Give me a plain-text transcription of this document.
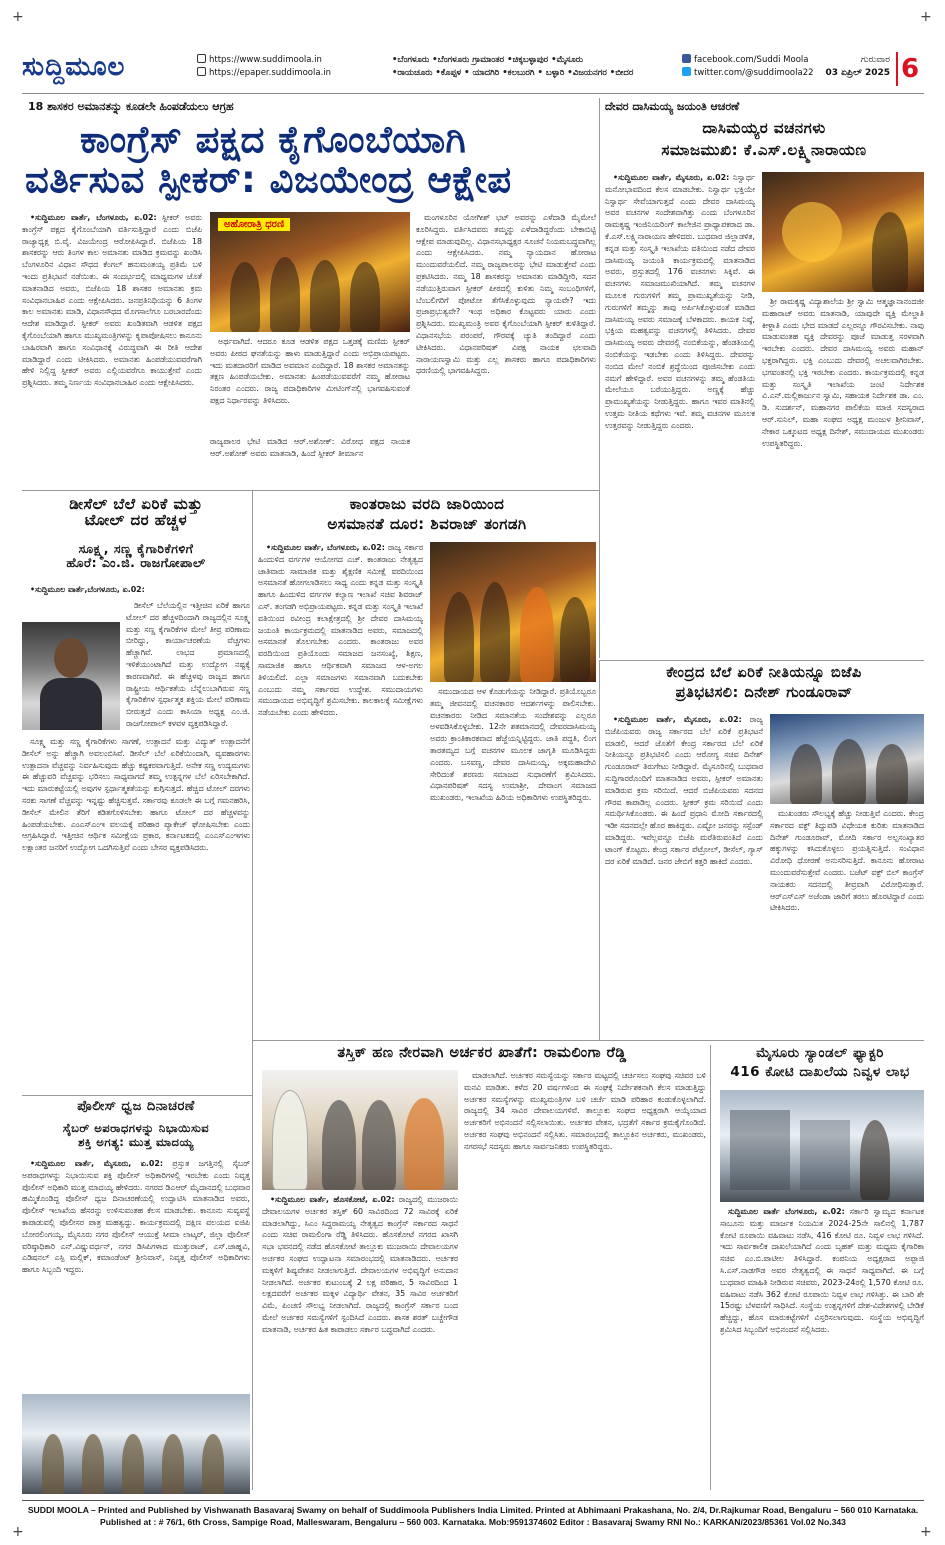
+	+
+	+
ಸುದ್ದಿಮೂಲ	https://www.suddimoola.in
https://epaper.suddimoola.in
•ಬೆಂಗಳೂರು •ಬೆಂಗಳೂರು ಗ್ರಾಮಾಂತರ •ಚಿಕ್ಕಬಳ್ಳಾಪುರ •ಮೈಸೂರು
•ರಾಯಚೂರು •ಕೊಪ್ಪಳ • ಯಾದಗಿರಿ •ಕಲಬುರಗಿ • ಬಳ್ಳಾರಿ •ವಿಜಯನಗರ •ಬೀದರ
facebook.com/Suddi Moola
twitter.com/@suddimoola22
ಗುರುವಾರ
03 ಏಪ್ರಿಲ್ 2025 6
18 ಶಾಸಕರ ಅಮಾನತನ್ನು ಕೂಡಲೇ ಹಿಂಪಡೆಯಲು ಆಗ್ರಹ
ಕಾಂಗ್ರೆಸ್ ಪಕ್ಷದ ಕೈಗೊಂಬೆಯಾಗಿ
ವರ್ತಿಸುವ ಸ್ಪೀಕರ್: ವಿಜಯೇಂದ್ರ ಆಕ್ಷೇಪ

•ಸುದ್ದಿಮೂಲ ವಾರ್ತೆ, ಬೆಂಗಳೂರು, ಏ.02: ಸ್ಪೀಕರ್ ಅವರು ಕಾಂಗ್ರೆಸ್ ಪಕ್ಷದ ಕೈಗೊಂಬೆಯಾಗಿ ವರ್ತಿಸುತ್ತಿದ್ದಾರೆ ಎಂದು ಬಿಜೆಪಿ ರಾಜ್ಯಾಧ್ಯಕ್ಷ ಬಿ.ವೈ. ವಿಜಯೇಂದ್ರ ಆರೋಪಿಸಿದ್ದಾರೆ. ಬಿಜೆಪಿಯ 18 ಶಾಸಕರನ್ನು ಆರು ತಿಂಗಳ ಕಾಲ ಅಮಾನತು ಮಾಡಿದ ಕ್ರಮವನ್ನು ಖಂಡಿಸಿ ಬೆಂಗಳೂರಿನ ವಿಧಾನ ಸೌಧದ ಕೆಂಗಲ್ ಹನುಮಂತಯ್ಯ ಪ್ರತಿಮೆ ಬಳಿ ಇಂದು ಪ್ರತಿಭಟನೆ ನಡೆಯಿತು. ಈ ಸಂದರ್ಭದಲ್ಲಿ ಮಾಧ್ಯಮಗಳ ಜೊತೆ ಮಾತನಾಡಿದ ಅವರು, ಬಿಜೆಪಿಯ 18 ಶಾಸಕರ ಅಮಾನತು ಕ್ರಮ ಸಂವಿಧಾನಬಾಹಿರ ಎಂದು ಆಕ್ಷೇಪಿಸಿದರು. ಜನಪ್ರತಿನಿಧಿಯನ್ನು 6 ತಿಂಗಳ ಕಾಲ ಅಮಾನತು ಮಾಡಿ, ವಿಧಾನಸೌಧದ ಮೊಗಸಾಲೆಗೂ ಬರಬಾರದೆಂದು ಆದೇಶ ಮಾಡಿದ್ದಾರೆ. ಸ್ಪೀಕರ್ ಅವರು ಖಂಡಿತವಾಗಿ ಆಡಳಿತ ಪಕ್ಷದ ಕೈಗೊಂಬೆಯಾಗಿ ಹಾಗೂ ಮುಖ್ಯಮಂತ್ರಿಗಳನ್ನು ಕೃಪಾಪೋಷಿಸಲು ಕಾನೂನು ಬಾಹಿರವಾಗಿ ಹಾಗೂ ಸಂವಿಧಾನಕ್ಕೆ ವಿರುದ್ಧವಾಗಿ ಈ ರೀತಿ ಆದೇಶ ಮಾಡಿದ್ದಾರೆ ಎಂದು ಟೀಕಿಸಿದರು. ಅಮಾನತು ಹಿಂಪಡೆಯುವವರೆಗಾಗಿ ಹೇಳಿ ನಿಲ್ಲಿದ್ದ ಸ್ಪೀಕರ್ ಅವರು ಎಲ್ಲಿಯವರೆಗೂ ಕಾಯುತ್ತೇವೆ ಎಂದು ಪ್ರಶ್ನಿಸಿದರು. ತಮ್ಮ ನಿರ್ಣಯ ಸಂವಿಧಾನಬಾಹಿರ ಎಂದು ಆಕ್ಷೇಪಿಸಿದರು.

ಅಹೋರಾತ್ರಿ ಧರಣಿ

ಅರ್ಥವಾಗಿದೆ. ಆದರೂ ಕೂಡ ಆಡಳಿತ ಪಕ್ಷದ ಒತ್ತಡಕ್ಕೆ ಮಣಿದು ಸ್ಪೀಕರ್ ಅವರು ಪೀಠದ ಘನತೆಯನ್ನು ಹಾಳು ಮಾಡುತ್ತಿದ್ದಾರೆ ಎಂದು ಅಭಿಪ್ರಾಯಪಟ್ಟರು. ಇದು ಮತದಾರರಿಗೆ ಮಾಡಿದ ಅವಮಾನ ಎಂದಿದ್ದಾರೆ. 18 ಶಾಸಕರ ಅಮಾನತನ್ನು ತಕ್ಷಣ ಹಿಂಪಡೆಯಬೇಕು. ಅಮಾನತು ಹಿಂಪಡೆಯುವವರೆಗೆ ನಮ್ಮ ಹೋರಾಟ ನಿರಂತರ ಎಂದರು. ರಾಜ್ಯ ಪದಾಧಿಕಾರಿಗಳ ಮೀಟಿಂಗ್‌ನಲ್ಲಿ ಭಾಗವಹಿಸುವಂತೆ ಪಕ್ಷದ ನಿರ್ಧಾರವನ್ನು ತಿಳಿಸಿದರು.

ರಾಜ್ಯಪಾಲರ ಭೇಟಿ ಮಾಡಿದ ಆರ್.ಅಶೋಕ್: ವಿರೋಧ ಪಕ್ಷದ ನಾಯಕ ಆರ್.ಅಶೋಕ್ ಅವರು ಮಾತನಾಡಿ, ಹಿಂದೆ ಸ್ಪೀಕರ್ ತೀರ್ಮಾನ

ಮಂಗಳೂರಿನ ಯೋಗೀಶ್ ಭಟ್ ಅವರನ್ನು ಎಳೆದಾಡಿ ಮೈಮೇಲೆ ಕೂರಿಸಿದ್ದರು. ವರ್ತಿಸಿದವರು ತಮ್ಮನ್ನು ಎಳೆದಾಡಿದ್ದರೆಂದು ಬೇಕಾಬಿಟ್ಟಿ ಆಕ್ಷೇಪ ಮಾಡುವುದಿಲ್ಲ. ವಿಧಾನಸಭಾಧ್ಯಕ್ಷರ ಸೂಚನೆ ನಿಯಮಬದ್ಧವಾಗಿಲ್ಲ ಎಂದು ಆಕ್ಷೇಪಿಸಿದರು. ನಮ್ಮ ನ್ಯಾಯದಾನ ಹೋರಾಟ ಮುಂದುವರೆಯಲಿದೆ. ನಮ್ಮ ರಾಜ್ಯಪಾಲರನ್ನು ಭೇಟಿ ಮಾಡುತ್ತೇವೆ ಎಂದು ಪ್ರಕಟಿಸಿದರು. ನಮ್ಮ 18 ಶಾಸಕರನ್ನು ಅಮಾನತು ಮಾಡಿದ್ದೀರಿ, ಸದನ ನಡೆಯುತ್ತಿರುವಾಗ ಸ್ಪೀಕರ್ ಪೀಠದಲ್ಲಿ ಕುಳಿತು ನಿಮ್ಮ ಸಂಬಂಧಿಗಳಿಗೆ, ಬೆಂಬಲಿಗರಿಗೆ ಪೋಟೋ ತೆಗೆಸಿಕೊಳ್ಳುವುದು ನ್ಯಾಯವೇ? ಇದು ಪ್ರಜಾಪ್ರಭುತ್ವವೇ? ಇಂಥ ಅಧಿಕಾರ ಕೊಟ್ಟವರು ಯಾರು ಎಂದು ಪ್ರಶ್ನಿಸಿದರು. ಮುಖ್ಯಮಂತ್ರಿ ಅವರ ಕೈಗೊಂಬೆಯಾಗಿ ಸ್ಪೀಕರ್ ಕುಳಿತಿದ್ದಾರೆ. ವಿಧಾನಸಭೆಯ ಪರಂಪರೆ, ಗೌರವಕ್ಕೆ ಚ್ಯುತಿ ತಂದಿದ್ದಾರೆ ಎಂದು ಟೀಕಿಸಿದರು. ವಿಧಾನಪರಿಷತ್ ವಿಪಕ್ಷ ನಾಯಕ ಛಲವಾದಿ ನಾರಾಯಣಸ್ವಾಮಿ ಮತ್ತು ಎಲ್ಲ ಶಾಸಕರು ಹಾಗೂ ಪದಾಧಿಕಾರಿಗಳು ಧರಣಿಯಲ್ಲಿ ಭಾಗವಹಿಸಿದ್ದರು.

ದೇವರ ದಾಸಿಮಯ್ಯ ಜಯಂತಿ ಆಚರಣೆ
ದಾಸಿಮಯ್ಯರ ವಚನಗಳು
ಸಮಾಜಮುಖಿ: ಕೆ.ಎಸ್.ಲಕ್ಷ್ಮಿನಾರಾಯಣ

•ಸುದ್ದಿಮೂಲ ವಾರ್ತೆ, ಮೈಸೂರು, ಏ.02: ನಿಸ್ವಾರ್ಥ ಮನೋಭಾವದಿಂದ ಕೆಲಸ ಮಾಡಬೇಕು. ನಿಸ್ವಾರ್ಥ ಭಕ್ತಿಯೇ ನಿಸ್ವಾರ್ಥ ಸೇವೆಯಾಗುತ್ತದೆ ಎಂದು ದೇವರ ದಾಸಿಮಯ್ಯ ಅವರ ವಚನಗಳ ಸಂದೇಶವಾಗಿತ್ತು ಎಂದು ಬೆಂಗಳೂರಿನ ರಾಮಕೃಷ್ಣ ಇಂಜಿನಿಯರಿಂಗ್ ಕಾಲೇಜಿನ ಪ್ರಾಧ್ಯಾಪಕರಾದ ಡಾ. ಕೆ.ಎಸ್.ಲಕ್ಷ್ಮಿನಾರಾಯಣ ಹೇಳಿದರು. ಬುಧವಾರ ಜಿಲ್ಲಾಡಳಿತ, ಕನ್ನಡ ಮತ್ತು ಸಂಸ್ಕೃತಿ ಇಲಾಖೆಯ ವತಿಯಿಂದ ನಡೆದ ದೇವರ ದಾಸಿಮಯ್ಯ ಜಯಂತಿ ಕಾರ್ಯಕ್ರಮದಲ್ಲಿ ಮಾತನಾಡಿದ ಅವರು, ಪ್ರಸ್ತುತದಲ್ಲಿ 176 ವಚನಗಳು ಸಿಕ್ಕಿವೆ. ಈ ವಚನಗಳು ಸಮಾಜಮುಖಿಯಾಗಿದೆ. ತಮ್ಮ ವಚನಗಳ ಮೂಲಕ ಗುರುಗಳಿಗೆ ತಮ್ಮ ಪ್ರಾಮುಖ್ಯತೆಯನ್ನು ನೀಡಿ, ಗುರುಗಳಿಗೆ ತಮ್ಮನ್ನು ತಾವು ಅರ್ಪಿಸಿಕೊಳ್ಳುವಂತೆ ಮಾಡಿದ ದಾಸಿಮಯ್ಯ ಅವರು ಸಮಾಜಕ್ಕೆ ಬೆಳಕಾದರು. ಕಾಯಕ ನಿಷ್ಠೆ, ಭಕ್ತಿಯ ಮಹತ್ವವನ್ನು ವಚನಗಳಲ್ಲಿ ತಿಳಿಸಿದರು. ದೇವರ ದಾಸಿಮಯ್ಯ ಅವರು ದೇವರಲ್ಲಿ ನಂಬಿಕೆಯನ್ನು, ಹೆಂಡತಿಯಲ್ಲಿ ನಂಬಿಕೆಯನ್ನು ಇಡಬೇಕು ಎಂದು ತಿಳಿಸಿದ್ದರು. ದೇವರನ್ನು ನಂಬಿದ ಮೇಲೆ ನಂಬಿಕೆ ಶ್ರದ್ಧೆಯಿಂದ ಪೂಜಿಸಬೇಕು ಎಂದು ನಮಗೆ ಹೇಳಿದ್ದಾರೆ. ಅವರ ವಚನಗಳನ್ನು ತಮ್ಮ ಹೆಂಡತಿಯ ಮೇಲೆಯೂ ಬರೆಯುತ್ತಿದ್ದರು. ಅಣ್ಣಕ್ಕೆ ಹೆಚ್ಚು ಪ್ರಾಮುಖ್ಯತೆಯನ್ನು ನೀಡುತ್ತಿದ್ದರು. ಹಾಗೂ ಇವರ ಮಾತಿನಲ್ಲಿ ಉತ್ತಮ ನೀತಿಯ ಕಥೆಗಳು ಇವೆ. ತಮ್ಮ ವಚನಗಳ ಮೂಲಕ ಉತ್ತರವನ್ನು ನೀಡುತ್ತಿದ್ದರು ಎಂದರು.

ಶ್ರೀ ರಾಮಕೃಷ್ಣ ವಿದ್ಯಾಶಾಲೆಯ ಶ್ರೀ ಸ್ವಾಮಿ ಆತ್ಮಜ್ಞಾನಾನಂದಜೀ ಮಹಾರಾಜ್ ಅವರು ಮಾತನಾಡಿ, ಯಾವುದೇ ವ್ಯಕ್ತಿ ಮೇಲ್ಜಾತಿ ಕೀಳ್ಜಾತಿ ಎಂದು ಭೇದ ಮಾಡದೆ ಎಲ್ಲರನ್ನೂ ಗೌರವಿಸಬೇಕು. ನಾವು ಮಾಡುವಂತಹ ವ್ಯಕ್ತಿ ದೇವರನ್ನು ಪೂಜೆ ಮಾಡುತ್ತ ಸರಳವಾಗಿ ಇರಬೇಕು ಎಂದರು. ದೇವರ ದಾಸಿಮಯ್ಯ ಅವರು ಮಹಾನ್ ಭಕ್ತರಾಗಿದ್ದರು. ಭಕ್ತಿ ಎಂಬುದು ದೇವರಲ್ಲಿ ಅಚಲವಾಗಿರಬೇಕು. ಭಗವಂತನಲ್ಲಿ ಭಕ್ತಿ ಇರಬೇಕು ಎಂದರು. ಕಾರ್ಯಕ್ರಮದಲ್ಲಿ ಕನ್ನಡ ಮತ್ತು ಸಂಸ್ಕೃತಿ ಇಲಾಖೆಯ ಜಂಟಿ ನಿರ್ದೇಶಕ ವಿ.ಎನ್.ಮಲ್ಲಿಕಾರ್ಜುನ ಸ್ವಾಮಿ, ಸಹಾಯಕ ನಿರ್ದೇಶಕ ಡಾ. ಎಂ. ಡಿ. ಸುದರ್ಶನ್, ಮಹಾನಗರ ಪಾಲಿಕೆಯ ಮಾಜಿ ಸದಸ್ಯರಾದ ಆರ್.ಸುನಿಲ್, ಮಹಾ ಸಂಘದ ಅಧ್ಯಕ್ಷ ಮಂಜುಳ ಶ್ರೀನಿವಾಸ್, ನೇಕಾರ ಒಕ್ಕೂಟದ ಅಧ್ಯಕ್ಷ ದಿನೇಶ್, ಸಮುದಾಯದ ಮುಖಂಡರು ಉಪಸ್ಥಿತರಿದ್ದರು.

ಡೀಸೆಲ್ ಬೆಲೆ ಏರಿಕೆ ಮತ್ತು
ಟೋಲ್ ದರ ಹೆಚ್ಚಳ
ಸೂಕ್ಷ್ಮ, ಸಣ್ಣ ಕೈಗಾರಿಕೆಗಳಿಗೆ
ಹೊರೆ: ಎಂ.ಜಿ. ರಾಜಗೋಪಾಲ್

•ಸುದ್ದಿಮೂಲ ವಾರ್ತೆ,ಬೆಂಗಳೂರು, ಏ.02:

ಡೀಸೆಲ್ ಬೆಲೆಯಲ್ಲಿನ ಇತ್ತೀಚಿನ ಏರಿಕೆ ಹಾಗೂ ಟೋಲ್ ದರ ಹೆಚ್ಚಳದಿಂದಾಗಿ ರಾಜ್ಯದಲ್ಲಿನ ಸೂಕ್ಷ್ಮ ಮತ್ತು ಸಣ್ಣ ಕೈಗಾರಿಕೆಗಳ ಮೇಲೆ ತೀವ್ರ ಪರಿಣಾಮ ಬೀರಿದ್ದು, ಕಾರ್ಯಾಚರಣೆಯ ವೆಚ್ಚಗಳು ಹೆಚ್ಚಾಗಿವೆ. ಲಾಭದ ಪ್ರಮಾಣದಲ್ಲಿ ಇಳಿಕೆಯುಂಟಾಗಿದೆ ಮತ್ತು ಉದ್ಯೋಗ ನಷ್ಟಕ್ಕೆ ಕಾರಣವಾಗಿವೆ. ಈ ಹೆಚ್ಚಳವು ರಾಜ್ಯದ ಹಾಗೂ ರಾಷ್ಟ್ರೀಯ ಆರ್ಥಿಕತೆಯ ಬೆನ್ನೆಲುಬಾಗಿರುವ ಸಣ್ಣ ಕೈಗಾರಿಕೆಗಳ ಸ್ಪರ್ಧಾತ್ಮಕ ಶಕ್ತಿಯ ಮೇಲೆ ಪರಿಣಾಮ ಬೀರುತ್ತದೆ ಎಂದು ಕಾಸಿಯಾ ಅಧ್ಯಕ್ಷ ಎಂ.ಜಿ. ರಾಜಗೋಪಾಲ್ ಕಳವಳ ವ್ಯಕ್ತಪಡಿಸಿದ್ದಾರೆ.

ಸೂಕ್ಷ್ಮ ಮತ್ತು ಸಣ್ಣ ಕೈಗಾರಿಕೆಗಳು ಸಾಗಣೆ, ಉತ್ಪಾದನೆ ಮತ್ತು ವಿದ್ಯುತ್ ಉತ್ಪಾದನೆಗೆ ಡೀಸೆಲ್ ಅನ್ನು ಹೆಚ್ಚಾಗಿ ಅವಲಂಬಿಸಿವೆ. ಡೀಸೆಲ್ ಬೆಲೆ ಏರಿಕೆಯಿಂದಾಗಿ, ವ್ಯವಹಾರಗಳು ಉತ್ಪಾದನಾ ವೆಚ್ಚವನ್ನು ನಿರ್ವಹಿಸುವುದು ಹೆಚ್ಚು ಕಷ್ಟಕರವಾಗುತ್ತಿದೆ. ಅನೇಕ ಸಣ್ಣ ಉದ್ಯಮಗಳು ಈ ಹೆಚ್ಚುವರಿ ವೆಚ್ಚವನ್ನು ಭರಿಸಲು ಸಾಧ್ಯವಾಗದೆ ತಮ್ಮ ಉತ್ಪನ್ನಗಳ ಬೆಲೆ ಏರಿಸಬೇಕಾಗಿದೆ. ಇದು ಮಾರುಕಟ್ಟೆಯಲ್ಲಿ ಅವುಗಳ ಸ್ಪರ್ಧಾತ್ಮಕತೆಯನ್ನು ಕುಗ್ಗಿಸುತ್ತದೆ. ಹೆಚ್ಚಿದ ಟೋಲ್ ದರಗಳು ಸರಕು ಸಾಗಣೆ ವೆಚ್ಚವನ್ನು ಇನ್ನಷ್ಟು ಹೆಚ್ಚಿಸುತ್ತವೆ. ಸರ್ಕಾರವು ಕೂಡಲೇ ಈ ಬಗ್ಗೆ ಗಮನಹರಿಸಿ, ಡೀಸೆಲ್ ಮೇಲಿನ ತೆರಿಗೆ ಕಡಿತಗೊಳಿಸಬೇಕು ಹಾಗೂ ಟೋಲ್ ದರ ಹೆಚ್ಚಳವನ್ನು ಹಿಂಪಡೆಯಬೇಕು. ಎಂಎಸ್‌ಎಂಇ ವಲಯಕ್ಕೆ ಪರಿಹಾರ ಪ್ಯಾಕೇಜ್ ಘೋಷಿಸಬೇಕು ಎಂದು ಆಗ್ರಹಿಸಿದ್ದಾರೆ. ಇತ್ತೀಚಿನ ಆರ್ಥಿಕ ಸಮೀಕ್ಷೆಯ ಪ್ರಕಾರ, ಕರ್ನಾಟಕದಲ್ಲಿ ಎಂಎಸ್‌ಎಂಇಗಳು ಲಕ್ಷಾಂತರ ಜನರಿಗೆ ಉದ್ಯೋಗ ಒದಗಿಸುತ್ತಿವೆ ಎಂದು ಬೇಸರ ವ್ಯಕ್ತಪಡಿಸಿದರು.

ಕಾಂತರಾಜು ವರದಿ ಜಾರಿಯಿಂದ
ಅಸಮಾನತೆ ದೂರ: ಶಿವರಾಜ್ ತಂಗಡಗಿ

•ಸುದ್ದಿಮೂಲ ವಾರ್ತೆ, ಬೆಂಗಳೂರು, ಏ.02: ರಾಜ್ಯ ಸರ್ಕಾರ ಹಿಂದುಳಿದ ವರ್ಗಗಳ ಆಯೋಗದ ಎಚ್. ಕಾಂತರಾಜು ನೇತೃತ್ವದ ಜಾತಿವಾರು ಸಾಮಾಜಿಕ ಮತ್ತು ಶೈಕ್ಷಣಿಕ ಸಮೀಕ್ಷೆ ವರದಿಯಿಂದ ಅಸಮಾನತೆ ಹೋಗಲಾಡಿಸಲು ಸಾಧ್ಯ ಎಂದು ಕನ್ನಡ ಮತ್ತು ಸಂಸ್ಕೃತಿ ಹಾಗೂ ಹಿಂದುಳಿದ ವರ್ಗಗಳ ಕಲ್ಯಾಣ ಇಲಾಖೆ ಸಚಿವ ಶಿವರಾಜ್ ಎಸ್. ತಂಗಡಗಿ ಅಭಿಪ್ರಾಯಪಟ್ಟರು. ಕನ್ನಡ ಮತ್ತು ಸಂಸ್ಕೃತಿ ಇಲಾಖೆ ವತಿಯಿಂದ ರವೀಂದ್ರ ಕಲಾಕ್ಷೇತ್ರದಲ್ಲಿ ಶ್ರೀ ದೇವರ ದಾಸಿಮಯ್ಯ ಜಯಂತಿ ಕಾರ್ಯಕ್ರಮದಲ್ಲಿ ಮಾತನಾಡಿದ ಅವರು, ಸಮಾಜದಲ್ಲಿ ಅಸಮಾನತೆ ತೊಲಗಬೇಕು ಎಂದರು. ಕಾಂತರಾಜು ಅವರ ವರದಿಯಿಂದ ಪ್ರತಿಯೊಂದು ಸಮಾಜದ ಜನಸಂಖ್ಯೆ, ಶಿಕ್ಷಣ, ಸಾಮಾಜಿಕ ಹಾಗೂ ಆರ್ಥಿಕವಾಗಿ ಸಮಾಜದ ಆಳ-ಅಗಲ ತಿಳಿಯಲಿದೆ. ಎಲ್ಲಾ ಸಮಾಜಗಳು ಸಮಾನವಾಗಿ ಬದುಕಬೇಕು ಎಂಬುದು ನಮ್ಮ ಸರ್ಕಾರದ ಉದ್ದೇಶ. ಸಮುದಾಯಗಳು ಸಮುದಾಯದ ಅಭಿವೃದ್ಧಿಗೆ ಶ್ರಮಿಸಬೇಕು. ಕಾಲಕಾಲಕ್ಕೆ ಸಮೀಕ್ಷೆಗಳು ನಡೆಯಬೇಕು ಎಂದು ಹೇಳಿದರು.

ಸಮುದಾಯದ ಆಳ ಕೊಡುಗೆಯನ್ನು ನೀಡಿದ್ದಾರೆ. ಪ್ರತಿಯೊಬ್ಬರೂ ತಮ್ಮ ಜೀವನದಲ್ಲಿ ವಚನಕಾರರ ಆದರ್ಶಗಳನ್ನು ಪಾಲಿಸಬೇಕು. ವಚನಕಾರರು ನೀಡಿದ ಸಮಾನತೆಯ ಸಂದೇಶವನ್ನು ಎಲ್ಲರೂ ಅಳವಡಿಸಿಕೊಳ್ಳಬೇಕು. 12ನೇ ಶತಮಾನದಲ್ಲಿ ದೇವರದಾಸಿಮಯ್ಯ ಅವರು ಕ್ರಾಂತಿಕಾರಕವಾದ ಹೆಜ್ಜೆಯನ್ನಿಟ್ಟಿದ್ದರು. ಜಾತಿ ಪದ್ಧತಿ, ಲಿಂಗ ತಾರತಮ್ಯದ ಬಗ್ಗೆ ವಚನಗಳ ಮೂಲಕ ಜಾಗೃತಿ ಮೂಡಿಸಿದ್ದರು ಎಂದರು. ಬಸವಣ್ಣ, ದೇವರ ದಾಸಿಮಯ್ಯ, ಅಕ್ಕಮಹಾದೇವಿ ಸೇರಿದಂತೆ ಶರಣರು ಸಮಾಜದ ಸುಧಾರಣೆಗೆ ಶ್ರಮಿಸಿದರು. ವಿಧಾನಪರಿಷತ್ ಸದಸ್ಯ ಉಮಾಶ್ರೀ, ದೇವಾಂಗ ಸಮಾಜದ ಮುಖಂಡರು, ಇಲಾಖೆಯ ಹಿರಿಯ ಅಧಿಕಾರಿಗಳು ಉಪಸ್ಥಿತರಿದ್ದರು.

ಕೇಂದ್ರದ ಬೆಲೆ ಏರಿಕೆ ನೀತಿಯನ್ನೂ ಬಿಜೆಪಿ
ಪ್ರತಿಭಟಿಸಲಿ: ದಿನೇಶ್ ಗುಂಡೂರಾವ್

•ಸುದ್ದಿಮೂಲ ವಾರ್ತೆ, ಮೈಸೂರು, ಏ.02: ರಾಜ್ಯ ಬಿಜೆಪಿಯವರು ರಾಜ್ಯ ಸರ್ಕಾರದ ಬೆಲೆ ಏರಿಕೆ ಪ್ರತಿಭಟನೆ ಮಾಡಲಿ, ಆದರೆ ಜೊತೆಗೆ ಕೇಂದ್ರ ಸರ್ಕಾರದ ಬೆಲೆ ಏರಿಕೆ ನೀತಿಯನ್ನೂ ಪ್ರತಿಭಟಿಸಲಿ ಎಂದು ಆರೋಗ್ಯ ಸಚಿವ ದಿನೇಶ್ ಗುಂಡೂರಾವ್ ತಿರುಗೇಟು ನೀಡಿದ್ದಾರೆ. ಮೈಸೂರಿನಲ್ಲಿ ಬುಧವಾರ ಸುದ್ದಿಗಾರರೊಂದಿಗೆ ಮಾತನಾಡಿದ ಅವರು, ಸ್ಪೀಕರ್ ಅಮಾನತು ಮಾಡಿರುವ ಕ್ರಮ ಸರಿಯಿದೆ. ಆದರೆ ಬಿಜೆಪಿಯವರು ಸದನದ ಗೌರವ ಕಾಪಾಡಿಲ್ಲ ಎಂದರು. ಸ್ಪೀಕರ್ ಕ್ರಮ ಸರಿಯಿದೆ ಎಂದು ಸಮರ್ಥಿಸಿಕೊಂಡರು. ಈ ಹಿಂದೆ ಪ್ರಧಾನಿ ಮೋದಿ ಸರ್ಕಾರದಲ್ಲಿ ಇಡೀ ಸದನದಲ್ಲೇ ಹೊರ ಹಾಕಿದ್ದರು. ಎಷ್ಟೋ ಜನರನ್ನು ಸಸ್ಪೆಂಡ್ ಮಾಡಿದ್ದರು. ಇವೆಲ್ಲವನ್ನೂ ಬಿಜೆಪಿ ಮರೆತಿರುವಂತಿದೆ ಎಂದು ಟಾಂಗ್ ಕೊಟ್ಟರು. ಕೇಂದ್ರ ಸರ್ಕಾರ ಪೆಟ್ರೋಲ್, ಡೀಸೆಲ್, ಗ್ಯಾಸ್ ದರ ಏರಿಕೆ ಮಾಡಿದೆ. ಜನರ ಜೇಬಿಗೆ ಕತ್ತರಿ ಹಾಕಿದೆ ಎಂದರು.

ಮುಖಂಡರು ಸೌಲಭ್ಯಕ್ಕೆ ಹೆಚ್ಚು ನೀಡುತ್ತಿವೆ ಎಂದರು. ಕೇಂದ್ರ ಸರ್ಕಾರದ ವಕ್ಫ್ ತಿದ್ದುಪಡಿ ವಿಧೇಯಕ ಕುರಿತು ಮಾತನಾಡಿದ ದಿನೇಶ್ ಗುಂಡೂರಾವ್, ಮೋದಿ ಸರ್ಕಾರ ಅಲ್ಪಸಂಖ್ಯಾತರ ಹಕ್ಕುಗಳನ್ನು ಕಸಿದುಕೊಳ್ಳಲು ಪ್ರಯತ್ನಿಸುತ್ತಿದೆ. ಸಂವಿಧಾನ ವಿರೋಧಿ ಧೋರಣೆ ಅನುಸರಿಸುತ್ತಿದೆ. ಕಾನೂನು ಹೋರಾಟ ಮುಂದುವರೆಸುತ್ತೇವೆ ಎಂದರು. ಬಜೆಟ್ ವಕ್ಫ್ ಬಿಲ್ ಕಾಂಗ್ರೆಸ್ ನಾಯಕರು ಸದನದಲ್ಲಿ ತೀವ್ರವಾಗಿ ವಿರೋಧಿಸುತ್ತಾರೆ. ಆರ್‌ಎಸ್‌ಎಸ್ ಅಜೆಂಡಾ ಜಾರಿಗೆ ತರಲು ಹೊರಟಿದ್ದಾರೆ ಎಂದು ಟೀಕಿಸಿದರು.

ಪೊಲೀಸ್ ಧ್ವಜ ದಿನಾಚರಣೆ
ಸೈಬರ್ ಅಪರಾಧಗಳನ್ನು ನಿಭಾಯಿಸುವ
ಶಕ್ತಿ ಅಗತ್ಯ: ಮುತ್ತ ಮಾದಯ್ಯ

•ಸುದ್ದಿಮೂಲ ವಾರ್ತೆ, ಮೈಸೂರು, ಏ.02: ಪ್ರಸ್ತುತ ಜಗತ್ತಿನಲ್ಲಿ ಸೈಬರ್ ಅಪರಾಧಗಳನ್ನು ನಿಭಾಯಿಸುವ ಶಕ್ತಿ ಪೊಲೀಸ್ ಅಧಿಕಾರಿಗಳಲ್ಲಿ ಇರಬೇಕು ಎಂದು ನಿವೃತ್ತ ಪೊಲೀಸ್ ಅಧಿಕಾರಿ ಮುತ್ತ ಮಾದಯ್ಯ ಹೇಳಿದರು. ನಗರದ ಡಿಎಆರ್ ಮೈದಾನದಲ್ಲಿ ಬುಧವಾರ ಹಮ್ಮಿಕೊಂಡಿದ್ದ ಪೊಲೀಸ್ ಧ್ವಜ ದಿನಾಚರಣೆಯಲ್ಲಿ ಉದ್ಘಾಟಿಸಿ ಮಾತನಾಡಿದ ಅವರು, ಪೊಲೀಸ್ ಇಲಾಖೆಯ ಹೆಸರನ್ನು ಉಳಿಸುವಂತಹ ಕೆಲಸ ಮಾಡಬೇಕು. ಕಾನೂನು ಸುವ್ಯವಸ್ಥೆ ಕಾಪಾಡುವಲ್ಲಿ ಪೊಲೀಸರ ಪಾತ್ರ ಮಹತ್ವದ್ದು. ಕಾರ್ಯಕ್ರಮದಲ್ಲಿ ದಕ್ಷಿಣ ವಲಯದ ಐಜಿಪಿ ಬೋರಲಿಂಗಯ್ಯ, ಮೈಸೂರು ನಗರ ಪೊಲೀಸ್ ಆಯುಕ್ತೆ ಸೀಮಾ ಲಾಟ್ಕರ್, ಜಿಲ್ಲಾ ಪೊಲೀಸ್ ವರಿಷ್ಠಾಧಿಕಾರಿ ಎನ್.ವಿಷ್ಣುವರ್ಧನ್, ನಗರ ಡಿಸಿಪಿಗಳಾದ ಮುತ್ತುರಾಜ್, ಎಸ್.ಜಾಹ್ನವಿ, ಎಡಿಷನಲ್ ಎಸ್ಪಿ ಮಲ್ಲಿಕ್, ಕಮಾಂಡೆಂಟ್ ಶ್ರೀನಿವಾಸ್, ನಿವೃತ್ತ ಪೊಲೀಸ್ ಅಧಿಕಾರಿಗಳು ಹಾಗೂ ಸಿಬ್ಬಂದಿ ಇದ್ದರು.

ತಸ್ತಿಕ್ ಹಣ ನೇರವಾಗಿ ಅರ್ಚಕರ ಖಾತೆಗೆ: ರಾಮಲಿಂಗಾ ರೆಡ್ಡಿ

•ಸುದ್ದಿಮೂಲ ವಾರ್ತೆ, ಹೊಸಕೋಟೆ, ಏ.02: ರಾಜ್ಯದಲ್ಲಿ ಮುಜರಾಯಿ ದೇವಾಲಯಗಳ ಅರ್ಚಕರ ತಸ್ತಿಕ್ 60 ಸಾವಿರದಿಂದ 72 ಸಾವಿರಕ್ಕೆ ಏರಿಕೆ ಮಾಡಲಾಗಿದ್ದು, ಸಿಎಂ ಸಿದ್ದರಾಮಯ್ಯ ನೇತೃತ್ವದ ಕಾಂಗ್ರೆಸ್ ಸರ್ಕಾರದ ಸಾಧನೆ ಎಂದು ಸಚಿವ ರಾಮಲಿಂಗಾ ರೆಡ್ಡಿ ತಿಳಿಸಿದರು. ಹೊಸಕೋಟೆ ನಗರದ ಖಾಸಗಿ ಸಭಾ ಭವನದಲ್ಲಿ ನಡೆದ ಹೊಸಕೋಟೆ ತಾಲ್ಲೂಕು ಮುಜರಾಯಿ ದೇವಾಲಯಗಳ ಅರ್ಚಕರ ಸಂಘದ ಉದ್ಘಾಟನಾ ಸಮಾರಂಭದಲ್ಲಿ ಮಾತನಾಡಿದರು. ಅರ್ಚಕರ ಮಕ್ಕಳಿಗೆ ಶಿಷ್ಯವೇತನ ನೀಡಲಾಗುತ್ತಿದೆ. ದೇವಾಲಯಗಳ ಅಭಿವೃದ್ಧಿಗೆ ಅನುದಾನ ನೀಡಲಾಗಿದೆ. ಅರ್ಚಕರ ಕುಟುಂಬಕ್ಕೆ 2 ಲಕ್ಷ ಪರಿಹಾರ, 5 ಸಾವಿರದಿಂದ 1 ಲಕ್ಷದವರೆಗೆ ಅರ್ಚಕರ ಮಕ್ಕಳ ವಿದ್ಯಾರ್ಥಿ ವೇತನ, 35 ಸಾವಿರ ಅರ್ಚಕರಿಗೆ ವಿಮೆ, ಪಿಂಚಣಿ ಸೌಲಭ್ಯ ನೀಡಲಾಗಿದೆ. ರಾಜ್ಯದಲ್ಲಿ ಕಾಂಗ್ರೆಸ್ ಸರ್ಕಾರ ಬಂದ ಮೇಲೆ ಅರ್ಚಕರ ಸಮಸ್ಯೆಗಳಿಗೆ ಸ್ಪಂದಿಸಿದೆ ಎಂದರು. ಶಾಸಕ ಶರತ್ ಬಚ್ಚೇಗೌಡ ಮಾತನಾಡಿ, ಅರ್ಚಕರ ಹಿತ ಕಾಪಾಡಲು ಸರ್ಕಾರ ಬದ್ಧವಾಗಿದೆ ಎಂದರು.

ಮಾಡಲಾಗಿದೆ. ಅರ್ಚಕರ ಸಮಸ್ಯೆಯನ್ನು ಸರ್ಕಾರ ಮಟ್ಟದಲ್ಲಿ ಚರ್ಚಿಸಲು ಸಂಘವು ಸಚಿವರ ಬಳಿ ಮನವಿ ಮಾಡಿತು. ಕಳೆದ 20 ವರ್ಷಗಳಿಂದ ಈ ಸಂಘಕ್ಕೆ ನಿರ್ದೇಶಕನಾಗಿ ಕೆಲಸ ಮಾಡುತ್ತಿದ್ದು ಅರ್ಚಕರ ಸಮಸ್ಯೆಗಳನ್ನು ಮುಖ್ಯಮಂತ್ರಿಗಳ ಬಳಿ ಚರ್ಚೆ ಮಾಡಿ ಪರಿಹಾರ ಕಂಡುಕೊಳ್ಳಲಾಗಿದೆ. ರಾಜ್ಯದಲ್ಲಿ 34 ಸಾವಿರ ದೇವಾಲಯಗಳಿವೆ. ತಾಲ್ಲೂಕು ಸಂಘದ ಅಧ್ಯಕ್ಷರಾಗಿ ಆಯ್ಕೆಯಾದ ಅರ್ಚಕರಿಗೆ ಅಭಿನಂದನೆ ಸಲ್ಲಿಸಲಾಯಿತು. ಅರ್ಚಕರ ವೇತನ, ಭದ್ರತೆಗೆ ಸರ್ಕಾರ ಕ್ರಮಕೈಗೊಂಡಿದೆ. ಅರ್ಚಕರ ಸಂಘವು ಅಭಿನಂದನೆ ಸಲ್ಲಿಸಿತು. ಸಮಾರಂಭದಲ್ಲಿ ತಾಲ್ಲೂಕಿನ ಅರ್ಚಕರು, ಮುಖಂಡರು, ನಗರಸಭೆ ಸದಸ್ಯರು ಹಾಗೂ ಸಾರ್ವಜನಿಕರು ಉಪಸ್ಥಿತರಿದ್ದರು.

ಮೈಸೂರು ಸ್ಯಾಂಡಲ್ ಫ್ಯಾಕ್ಟರಿ
416 ಕೋಟಿ ದಾಖಲೆಯ ನಿವ್ವಳ ಲಾಭ

ಸುದ್ದಿಮೂಲ ವಾರ್ತೆ ಬೆಂಗಳೂರು, ಏ.02: ಸರ್ಕಾರಿ ಸ್ವಾಮ್ಯದ ಕರ್ನಾಟಕ ಸಾಬೂನು ಮತ್ತು ಮಾರ್ಜಕ ನಿಯಮಿತ 2024-25ನೇ ಸಾಲಿನಲ್ಲಿ 1,787 ಕೋಟಿ ರೂಪಾಯಿ ವಹಿವಾಟು ನಡೆಸಿ, 416 ಕೋಟಿ ರೂ. ನಿವ್ವಳ ಲಾಭ ಗಳಿಸಿದೆ. ಇದು ಸಾರ್ವಕಾಲಿಕ ದಾಖಲೆಯಾಗಿದೆ ಎಂದು ಬೃಹತ್ ಮತ್ತು ಮಧ್ಯಮ ಕೈಗಾರಿಕಾ ಸಚಿವ ಎಂ.ಬಿ.ಪಾಟೀಲ ತಿಳಿಸಿದ್ದಾರೆ. ಕಂಪನಿಯ ಅಧ್ಯಕ್ಷರಾದ ಅಪ್ಪಾಜಿ ಸಿ.ಎಸ್.ನಾಡಗೌಡ ಅವರ ನೇತೃತ್ವದಲ್ಲಿ ಈ ಸಾಧನೆ ಸಾಧ್ಯವಾಗಿದೆ. ಈ ಬಗ್ಗೆ ಬುಧವಾರ ಮಾಹಿತಿ ನೀಡಿರುವ ಸಚಿವರು, 2023-24ರಲ್ಲಿ 1,570 ಕೋಟಿ ರೂ. ವಹಿವಾಟು ನಡೆಸಿ 362 ಕೋಟಿ ರೂಪಾಯಿ ನಿವ್ವಳ ಲಾಭ ಗಳಿಸಿತ್ತು. ಈ ಬಾರಿ ಶೇ 15ರಷ್ಟು ಬೆಳವಣಿಗೆ ಸಾಧಿಸಿದೆ. ಸಂಸ್ಥೆಯ ಉತ್ಪನ್ನಗಳಿಗೆ ದೇಶ-ವಿದೇಶಗಳಲ್ಲಿ ಬೇಡಿಕೆ ಹೆಚ್ಚಿದ್ದು, ಹೊಸ ಮಾರುಕಟ್ಟೆಗಳಿಗೆ ವಿಸ್ತರಿಸಲಾಗುವುದು. ಸಂಸ್ಥೆಯ ಅಭಿವೃದ್ಧಿಗೆ ಶ್ರಮಿಸಿದ ಸಿಬ್ಬಂದಿಗೆ ಅಭಿನಂದನೆ ಸಲ್ಲಿಸಿದರು.

SUDDI MOOLA – Printed and Published by Vishwanath Basavaraj Swamy on behalf of Suddimoola Publishers India Limited. Printed at Abhimaani Prakashana, No. 2/4, Dr.Rajkumar Road, Bengaluru – 560 010 Karnataka.
Published at : # 76/1, 6th Cross, Sampige Road, Malleswaram, Bengaluru – 560 003. Karnataka. Mob:9591374602 Editor : Basavaraj Swamy RNI No.: KARKAN/2023/85361 Vol.02 No.343
